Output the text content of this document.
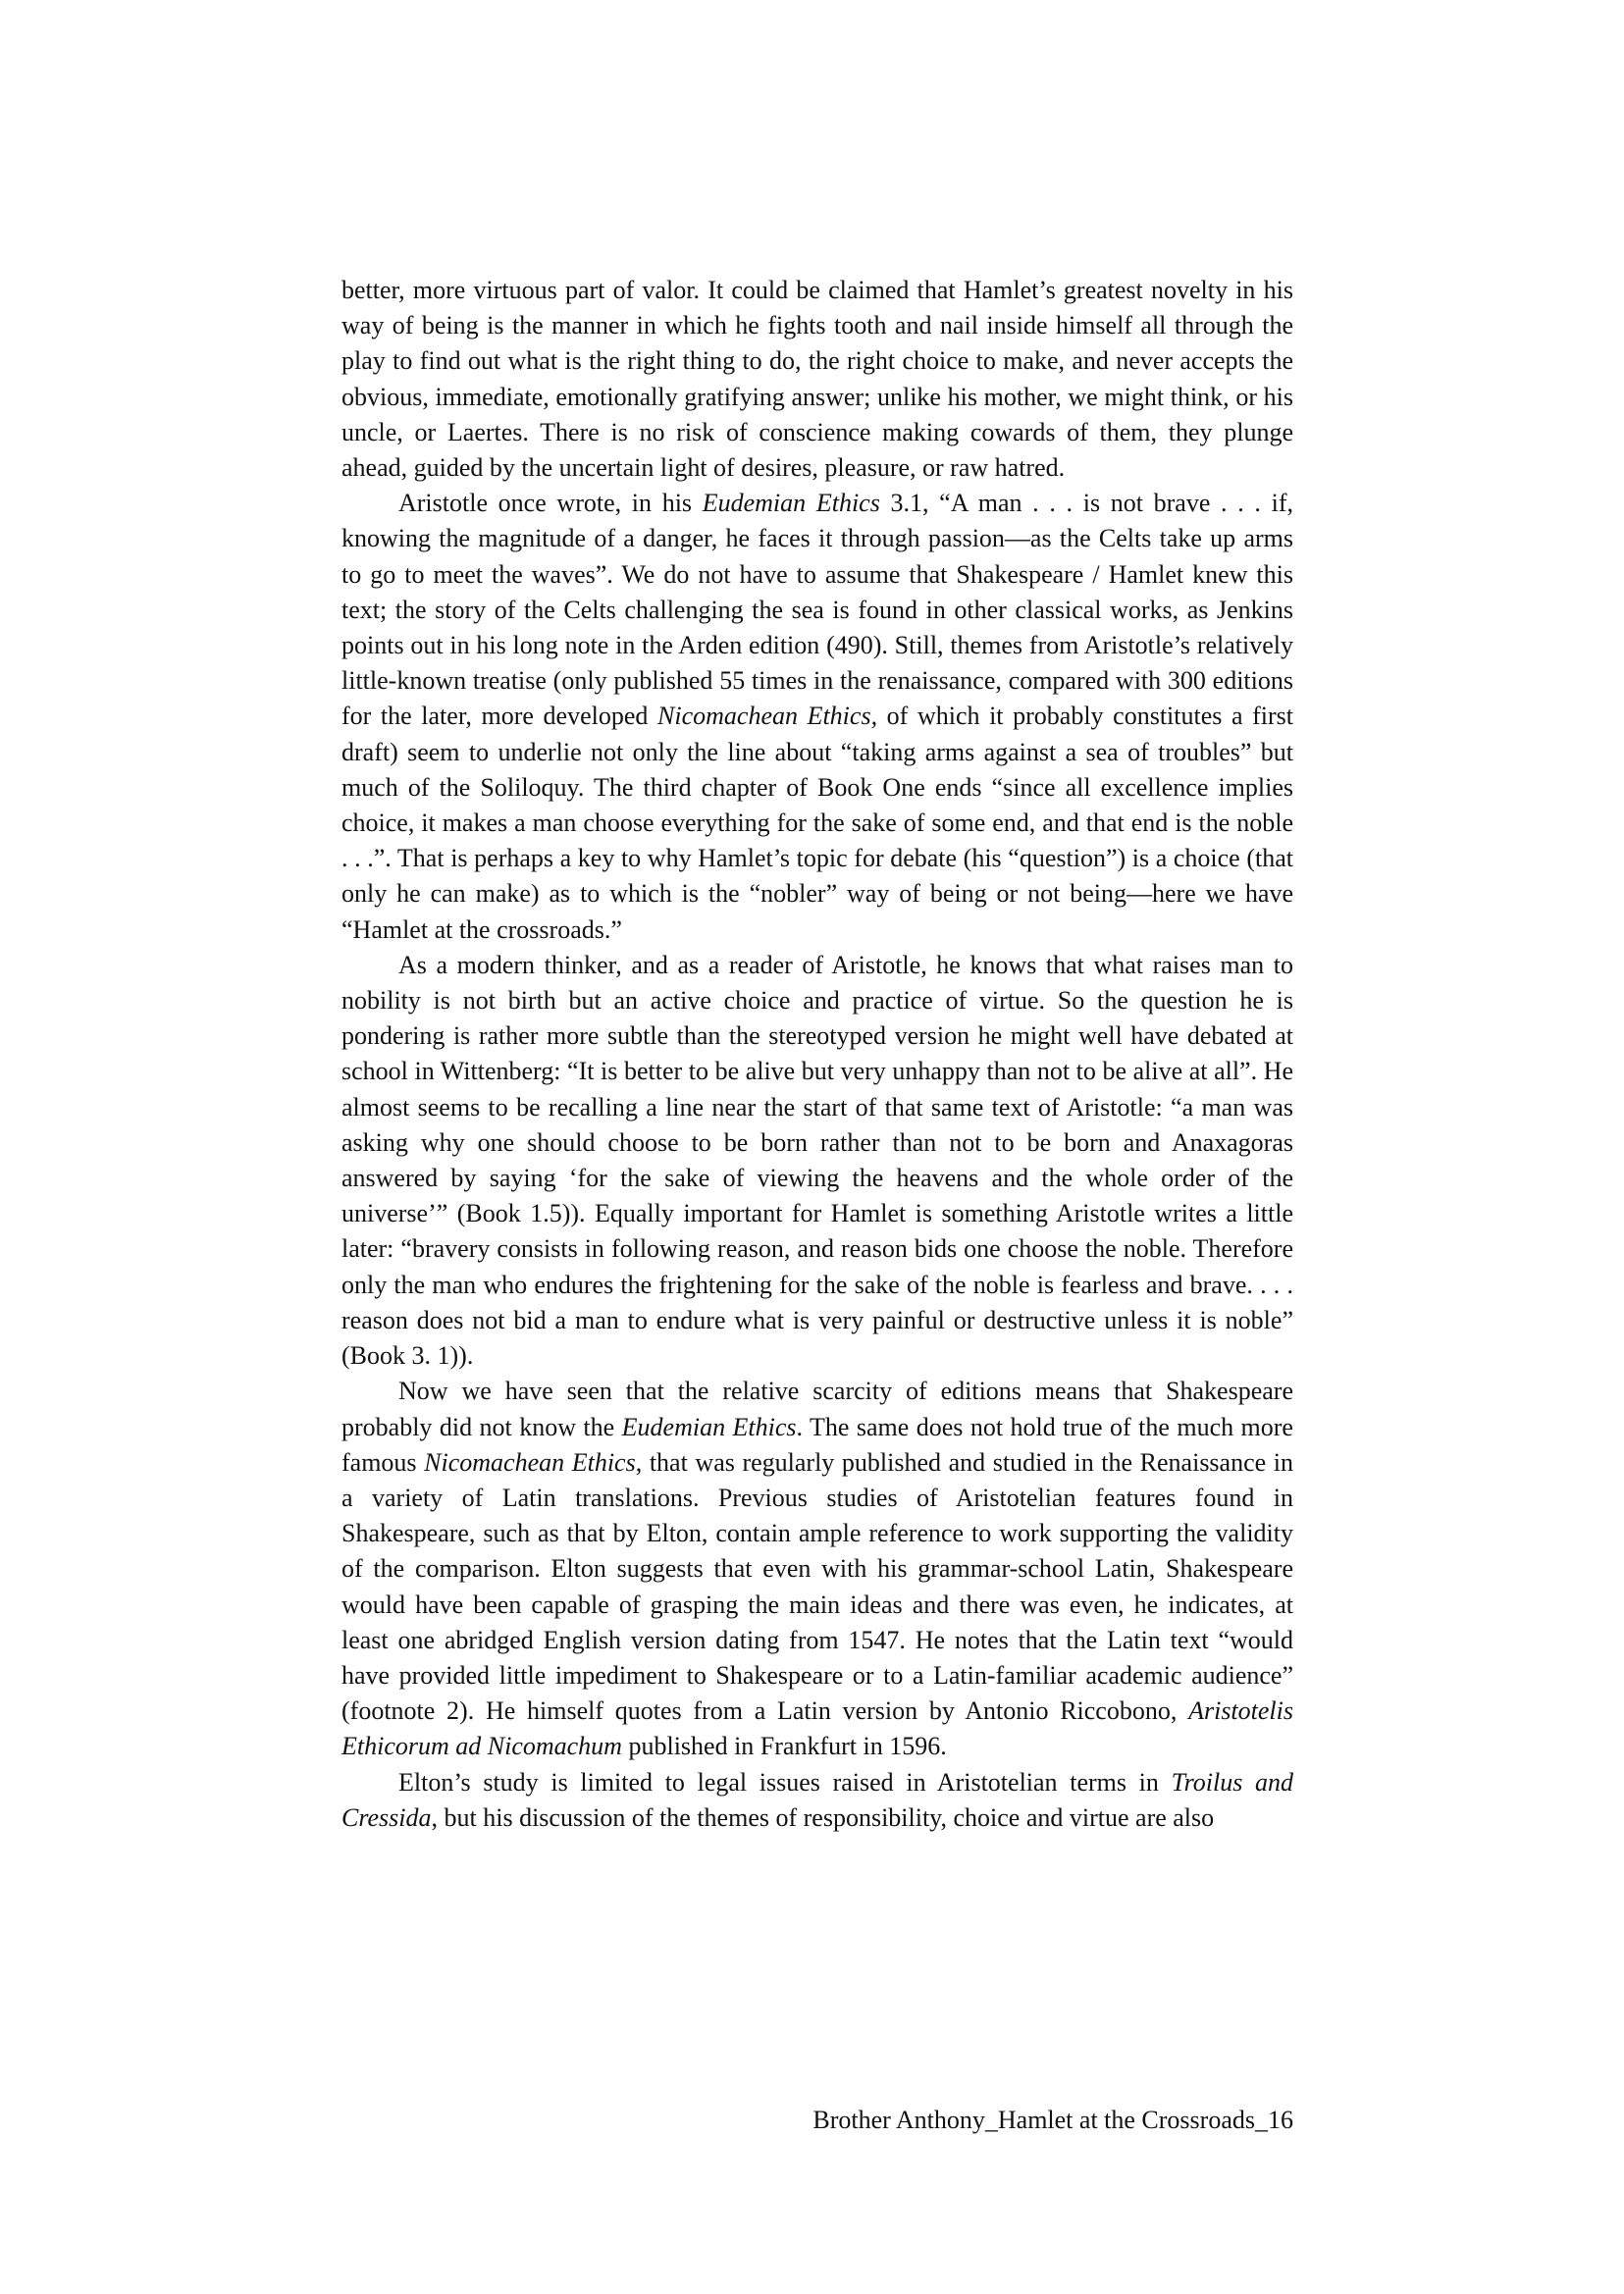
better, more virtuous part of valor. It could be claimed that Hamlet’s greatest novelty in his way of being is the manner in which he fights tooth and nail inside himself all through the play to find out what is the right thing to do, the right choice to make, and never accepts the obvious, immediate, emotionally gratifying answer; unlike his mother, we might think, or his uncle, or Laertes. There is no risk of conscience making cowards of them, they plunge ahead, guided by the uncertain light of desires, pleasure, or raw hatred.

Aristotle once wrote, in his Eudemian Ethics 3.1, “A man . . . is not brave . . . if, knowing the magnitude of a danger, he faces it through passion—as the Celts take up arms to go to meet the waves”. We do not have to assume that Shakespeare / Hamlet knew this text; the story of the Celts challenging the sea is found in other classical works, as Jenkins points out in his long note in the Arden edition (490). Still, themes from Aristotle’s relatively little-known treatise (only published 55 times in the renaissance, compared with 300 editions for the later, more developed Nicomachean Ethics, of which it probably constitutes a first draft) seem to underlie not only the line about “taking arms against a sea of troubles” but much of the Soliloquy. The third chapter of Book One ends “since all excellence implies choice, it makes a man choose everything for the sake of some end, and that end is the noble . . .”. That is perhaps a key to why Hamlet’s topic for debate (his “question”) is a choice (that only he can make) as to which is the “nobler” way of being or not being—here we have “Hamlet at the crossroads.”

As a modern thinker, and as a reader of Aristotle, he knows that what raises man to nobility is not birth but an active choice and practice of virtue. So the question he is pondering is rather more subtle than the stereotyped version he might well have debated at school in Wittenberg: “It is better to be alive but very unhappy than not to be alive at all”. He almost seems to be recalling a line near the start of that same text of Aristotle: “a man was asking why one should choose to be born rather than not to be born and Anaxagoras answered by saying ‘for the sake of viewing the heavens and the whole order of the universe’” (Book 1.5)). Equally important for Hamlet is something Aristotle writes a little later: “bravery consists in following reason, and reason bids one choose the noble. Therefore only the man who endures the frightening for the sake of the noble is fearless and brave. . . . reason does not bid a man to endure what is very painful or destructive unless it is noble” (Book 3. 1)).

Now we have seen that the relative scarcity of editions means that Shakespeare probably did not know the Eudemian Ethics. The same does not hold true of the much more famous Nicomachean Ethics, that was regularly published and studied in the Renaissance in a variety of Latin translations. Previous studies of Aristotelian features found in Shakespeare, such as that by Elton, contain ample reference to work supporting the validity of the comparison. Elton suggests that even with his grammar-school Latin, Shakespeare would have been capable of grasping the main ideas and there was even, he indicates, at least one abridged English version dating from 1547. He notes that the Latin text “would have provided little impediment to Shakespeare or to a Latin-familiar academic audience” (footnote 2). He himself quotes from a Latin version by Antonio Riccobono, Aristotelis Ethicorum ad Nicomachum published in Frankfurt in 1596.

Elton’s study is limited to legal issues raised in Aristotelian terms in Troilus and Cressida, but his discussion of the themes of responsibility, choice and virtue are also

Brother Anthony_Hamlet at the Crossroads_16
